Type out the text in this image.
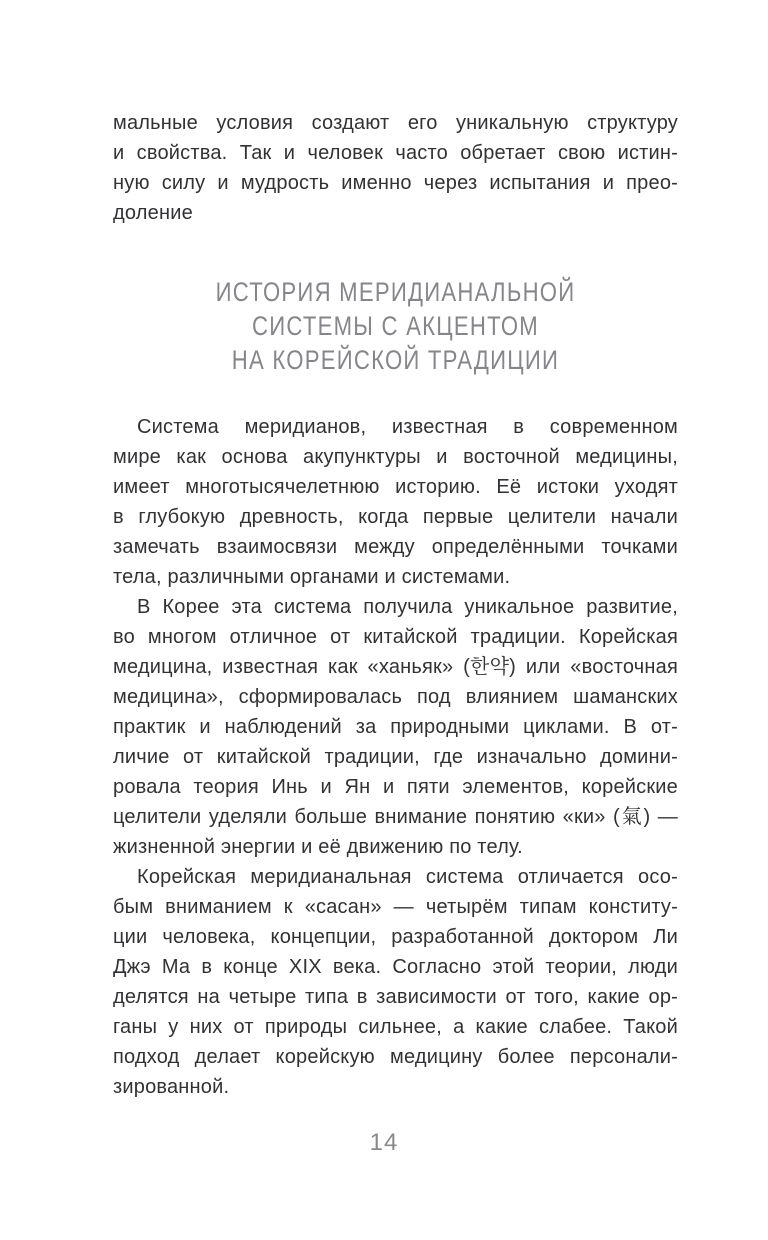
мальные условия создают его уникальную структуру
и свойства. Так и человек часто обретает свою истин-
ную силу и мудрость именно через испытания и прео-
доление
ИСТОРИЯ МЕРИДИАНАЛЬНОЙ
СИСТЕМЫ С АКЦЕНТОМ
НА КОРЕЙСКОЙ ТРАДИЦИИ
Система меридианов, известная в современном
мире как основа акупунктуры и восточной медицины,
имеет многотысячелетнюю историю. Её истоки уходят
в глубокую древность, когда первые целители начали
замечать взаимосвязи между определёнными точками
тела, различными органами и системами.
В Корее эта система получила уникальное развитие,
во многом отличное от китайской традиции. Корейская
медицина, известная как «ханьяк» (한약) или «восточная
медицина», сформировалась под влиянием шаманских
практик и наблюдений за природными циклами. В от-
личие от китайской традиции, где изначально домини-
ровала теория Инь и Ян и пяти элементов, корейские
целители уделяли больше внимание понятию «ки» (氣) —
жизненной энергии и её движению по телу.
Корейская меридианальная система отличается осо-
бым вниманием к «сасан» — четырём типам конститу-
ции человека, концепции, разработанной доктором Ли
Джэ Ма в конце XIX века. Согласно этой теории, люди
делятся на четыре типа в зависимости от того, какие ор-
ганы у них от природы сильнее, а какие слабее. Такой
подход делает корейскую медицину более персонали-
зированной.
14
